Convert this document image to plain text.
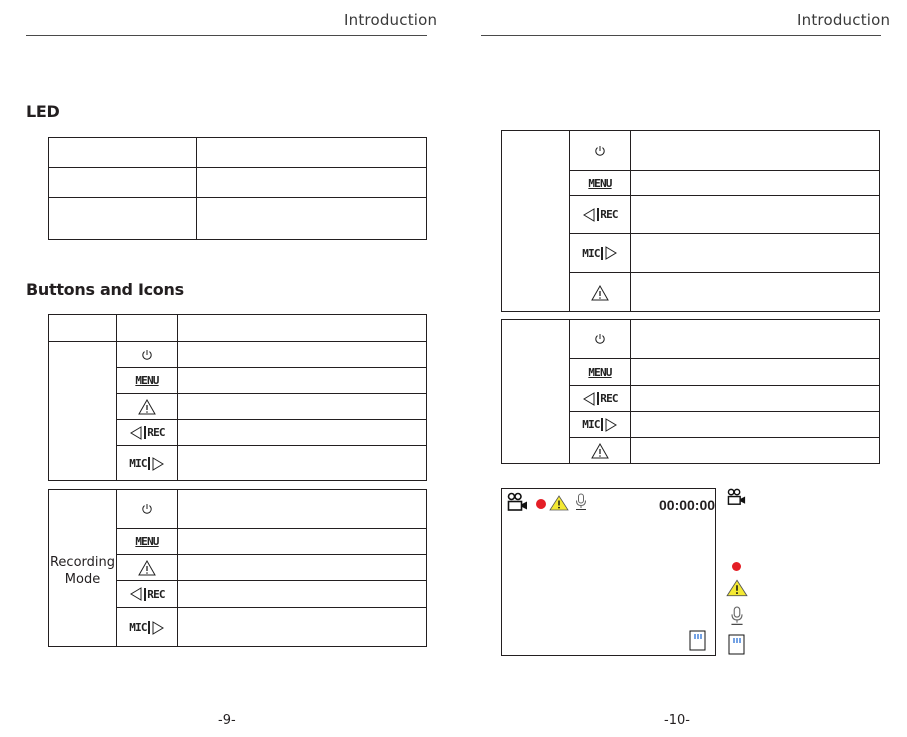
Introduction
LED
Buttons and Icons
MENU
REC
MIC
Recording Mode
MENU
REC
MIC
-9-
Introduction
MENU
REC
MIC
MENU
REC
MIC
00:00:00
-10-
